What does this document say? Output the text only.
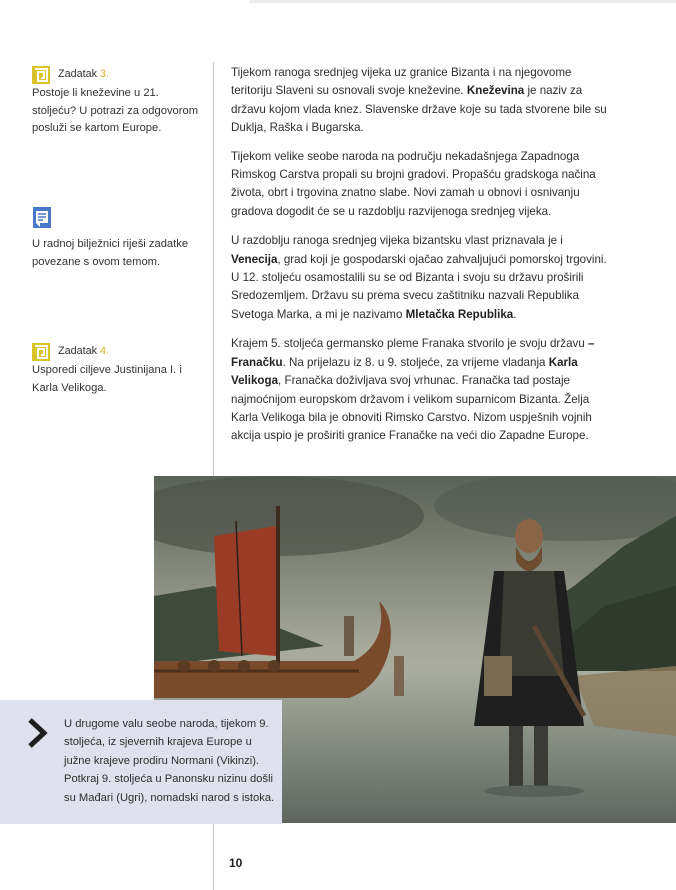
Zadatak 3.
Postoje li kneževine u 21. stoljeću? U potrazi za odgovorom posluži se kartom Europe.
U radnoj bilježnici riješi zadatke povezane s ovom temom.
Zadatak 4.
Usporedi ciljeve Justinijana I. i Karla Velikoga.

Tijekom ranoga srednjeg vijeka uz granice Bizanta i na njegovome teritoriju Slaveni su osnovali svoje kneževine. Kneževina je naziv za državu kojom vlada knez. Slavenske države koje su tada stvorene bile su Duklja, Raška i Bugarska.

Tijekom velike seobe naroda na području nekadašnjega Zapadnoga Rimskog Carstva propali su brojni gradovi. Propašću gradskoga načina života, obrt i trgovina znatno slabe. Novi zamah u obnovi i osnivanju gradova dogodit će se u razdoblju razvijenoga srednjeg vijeka.

U razdoblju ranoga srednjeg vijeka bizantsku vlast priznavala je i Venecija, grad koji je gospodarski ojačao zahvaljujući pomorskoj trgovini. U 12. stoljeću osamostalili su se od Bizanta i svoju su državu proširili Sredozemljem. Državu su prema svecu zaštitniku nazvali Republika Svetoga Marka, a mi je nazivamo Mletačka Republika.

Krajem 5. stoljeća germansko pleme Franaka stvorilo je svoju državu – Franačku. Na prijelazu iz 8. u 9. stoljeće, za vrijeme vladanja Karla Velikoga, Franačka doživljava svoj vrhunac. Franačka tad postaje najmoćnijom europskom državom i velikom suparnicom Bizanta. Želja Karla Velikoga bila je obnoviti Rimsko Carstvo. Nizom uspješnih vojnih akcija uspio je proširiti granice Franačke na veći dio Zapadne Europe.

U drugome valu seobe naroda, tijekom 9. stoljeća, iz sjevernih krajeva Europe u južne krajeve prodiru Normani (Vikinzi). Potkraj 9. stoljeća u Panonsku nizinu došli su Mađari (Ugri), nomadski narod s istoka.
10
